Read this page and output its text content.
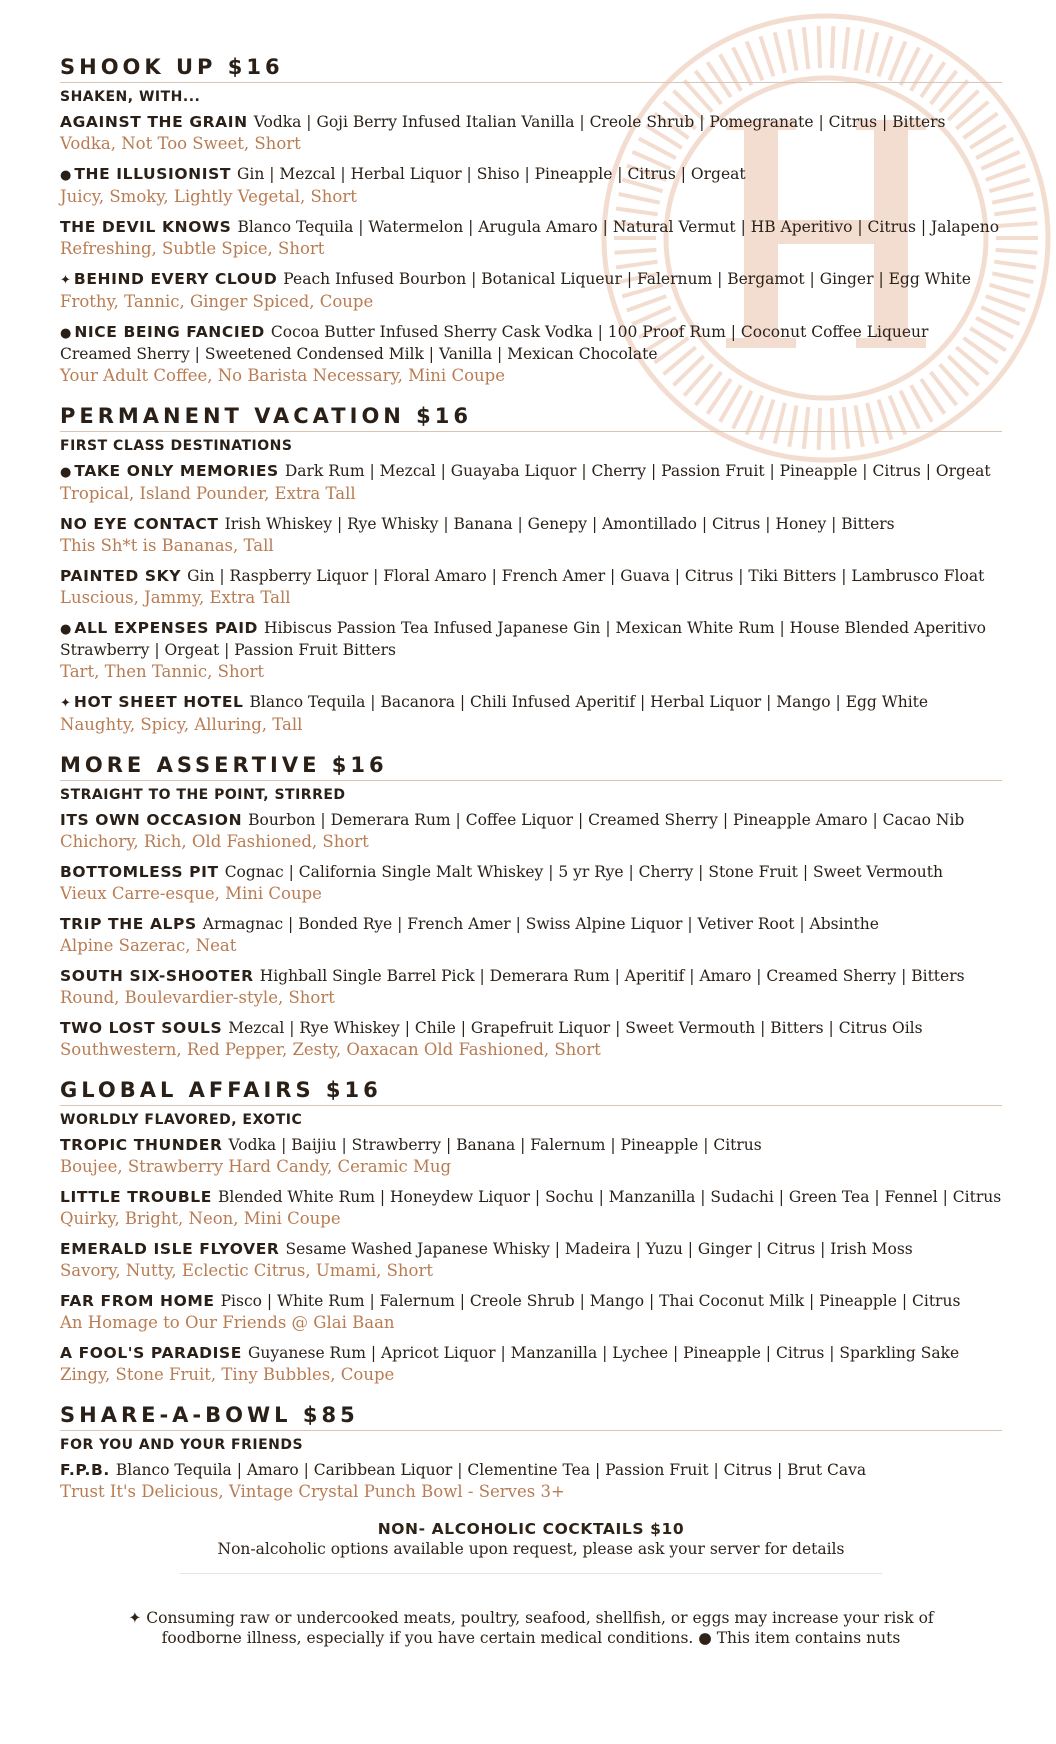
SHOOK UP $16
SHAKEN, WITH...
AGAINST THE GRAIN Vodka | Goji Berry Infused Italian Vanilla | Creole Shrub | Pomegranate | Citrus | Bitters
Vodka, Not Too Sweet, Short
● THE ILLUSIONIST Gin | Mezcal | Herbal Liquor | Shiso | Pineapple | Citrus | Orgeat
Juicy, Smoky, Lightly Vegetal, Short
THE DEVIL KNOWS Blanco Tequila | Watermelon | Arugula Amaro | Natural Vermut | HB Aperitivo | Citrus | Jalapeno
Refreshing, Subtle Spice, Short
✦ BEHIND EVERY CLOUD Peach Infused Bourbon | Botanical Liqueur | Falernum | Bergamot | Ginger | Egg White
Frothy, Tannic, Ginger Spiced, Coupe
● NICE BEING FANCIED Cocoa Butter Infused Sherry Cask Vodka | 100 Proof Rum | Coconut Coffee Liqueur Creamed Sherry | Sweetened Condensed Milk | Vanilla | Mexican Chocolate
Your Adult Coffee, No Barista Necessary, Mini Coupe
PERMANENT VACATION $16
FIRST CLASS DESTINATIONS
● TAKE ONLY MEMORIES Dark Rum | Mezcal | Guayaba Liquor | Cherry | Passion Fruit | Pineapple | Citrus | Orgeat
Tropical, Island Pounder, Extra Tall
NO EYE CONTACT Irish Whiskey | Rye Whisky | Banana | Genepy | Amontillado | Citrus | Honey | Bitters
This Sh*t is Bananas, Tall
PAINTED SKY Gin | Raspberry Liquor | Floral Amaro | French Amer | Guava | Citrus | Tiki Bitters | Lambrusco Float
Luscious, Jammy, Extra Tall
● ALL EXPENSES PAID Hibiscus Passion Tea Infused Japanese Gin | Mexican White Rum | House Blended Aperitivo Strawberry | Orgeat | Passion Fruit Bitters
Tart, Then Tannic, Short
✦ HOT SHEET HOTEL Blanco Tequila | Bacanora | Chili Infused Aperitif | Herbal Liquor | Mango | Egg White
Naughty, Spicy, Alluring, Tall
MORE ASSERTIVE $16
STRAIGHT TO THE POINT, STIRRED
ITS OWN OCCASION Bourbon | Demerara Rum | Coffee Liquor | Creamed Sherry | Pineapple Amaro | Cacao Nib
Chichory, Rich, Old Fashioned, Short
BOTTOMLESS PIT Cognac | California Single Malt Whiskey | 5 yr Rye | Cherry | Stone Fruit | Sweet Vermouth
Vieux Carre-esque, Mini Coupe
TRIP THE ALPS Armagnac | Bonded Rye | French Amer | Swiss Alpine Liquor | Vetiver Root | Absinthe
Alpine Sazerac, Neat
SOUTH SIX-SHOOTER Highball Single Barrel Pick | Demerara Rum | Aperitif | Amaro | Creamed Sherry | Bitters
Round, Boulevardier-style, Short
TWO LOST SOULS Mezcal | Rye Whiskey | Chile | Grapefruit Liquor | Sweet Vermouth | Bitters | Citrus Oils
Southwestern, Red Pepper, Zesty, Oaxacan Old Fashioned, Short
GLOBAL AFFAIRS $16
WORLDLY FLAVORED, EXOTIC
TROPIC THUNDER Vodka | Baijiu | Strawberry | Banana | Falernum | Pineapple | Citrus
Boujee, Strawberry Hard Candy, Ceramic Mug
LITTLE TROUBLE Blended White Rum | Honeydew Liquor | Sochu | Manzanilla | Sudachi | Green Tea | Fennel | Citrus
Quirky, Bright, Neon, Mini Coupe
EMERALD ISLE FLYOVER Sesame Washed Japanese Whisky | Madeira | Yuzu | Ginger | Citrus | Irish Moss
Savory, Nutty, Eclectic Citrus, Umami, Short
FAR FROM HOME Pisco | White Rum | Falernum | Creole Shrub | Mango | Thai Coconut Milk | Pineapple | Citrus
An Homage to Our Friends @ Glai Baan
A FOOL'S PARADISE Guyanese Rum | Apricot Liquor | Manzanilla | Lychee | Pineapple | Citrus | Sparkling Sake
Zingy, Stone Fruit, Tiny Bubbles, Coupe
SHARE-A-BOWL $85
FOR YOU AND YOUR FRIENDS
F.P.B. Blanco Tequila | Amaro | Caribbean Liquor | Clementine Tea | Passion Fruit | Citrus | Brut Cava
Trust It's Delicious, Vintage Crystal Punch Bowl - Serves 3+
NON- ALCOHOLIC COCKTAILS $10
Non-alcoholic options available upon request, please ask your server for details
✦ Consuming raw or undercooked meats, poultry, seafood, shellfish, or eggs may increase your risk of foodborne illness, especially if you have certain medical conditions. ● This item contains nuts
